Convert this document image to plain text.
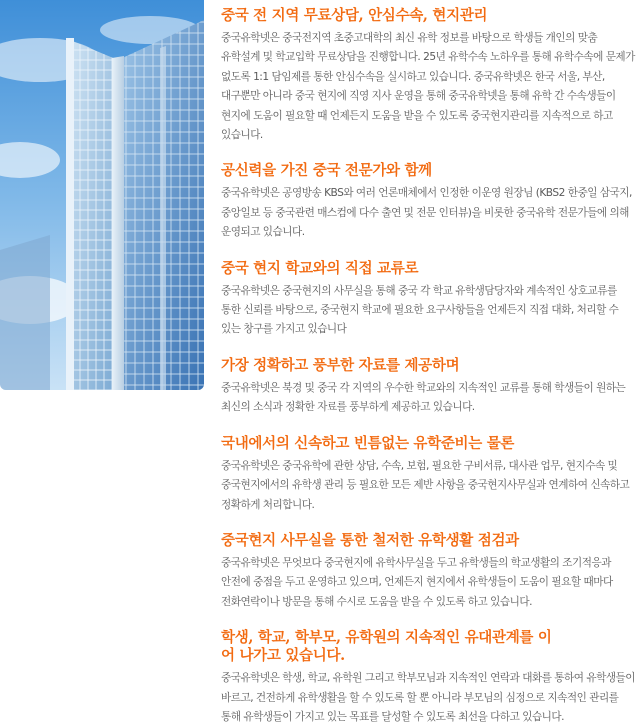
중국 전 지역 무료상담, 안심수속, 현지관리

중국유학넷은 중국전지역 초중고대학의 최신 유학 정보를 바탕으로 학생들 개인의 맞춤 유학설계 및 학교입학 무료상담을 진행합니다. 25년 유학수속 노하우를 통해 유학수속에 문제가 없도록 1:1 담임제를 통한 안심수속을 실시하고 있습니다. 중국유학넷은 한국 서울, 부산, 대구뿐만 아니라 중국 현지에 직영 지사 운영을 통해 중국유학넷을 통해 유학 간 수속생들이 현지에 도움이 필요할 때 언제든지 도움을 받을 수 있도록 중국현지관리를 지속적으로 하고 있습니다.

공신력을 가진 중국 전문가와 함께

중국유학넷은 공영방송 KBS와 여러 언론매체에서 인정한 이운영 원장님 (KBS2 한중일 삼국지, 중앙일보 등 중국관련 매스컴에 다수 출연 및 전문 인터뷰)을 비롯한 중국유학 전문가들에 의해 운영되고 있습니다.

중국 현지 학교와의 직접 교류로

중국유학넷은 중국현지의 사무실을 통해 중국 각 학교 유학생담당자와 계속적인 상호교류를 통한 신뢰를 바탕으로, 중국현지 학교에 필요한 요구사항들을 언제든지 직접 대화, 처리할 수 있는 창구를 가지고 있습니다

가장 정확하고 풍부한 자료를 제공하며

중국유학넷은 북경 및 중국 각 지역의 우수한 학교와의 지속적인 교류를 통해 학생들이 원하는 최신의 소식과 정확한 자료를 풍부하게 제공하고 있습니다.

국내에서의 신속하고 빈틈없는 유학준비는 물론

중국유학넷은 중국유학에 관한 상담, 수속, 보험, 필요한 구비서류, 대사관 업무, 현지수속 및 중국현지에서의 유학생 관리 등 필요한 모든 제반 사항을 중국현지사무실과 연계하여 신속하고 정확하게 처리합니다.

중국현지 사무실을 통한 철저한 유학생활 점검과

중국유학넷은 무엇보다 중국현지에 유학사무실을 두고 유학생들의 학교생활의 조기적응과 안전에 중점을 두고 운영하고 있으며, 언제든지 현지에서 유학생들이 도움이 필요할 때마다 전화연락이나 방문을 통해 수시로 도움을 받을 수 있도록 하고 있습니다.

학생, 학교, 학부모, 유학원의 지속적인 유대관계를 이어 나가고 있습니다.

중국유학넷은 학생, 학교, 유학원 그리고 학부모님과 지속적인 연락과 대화를 통하여 유학생들이 바르고, 건전하게 유학생활을 할 수 있도록 할 뿐 아니라 부모님의 심정으로 지속적인 관리를 통해 유학생들이 가지고 있는 목표를 달성할 수 있도록 최선을 다하고 있습니다.
